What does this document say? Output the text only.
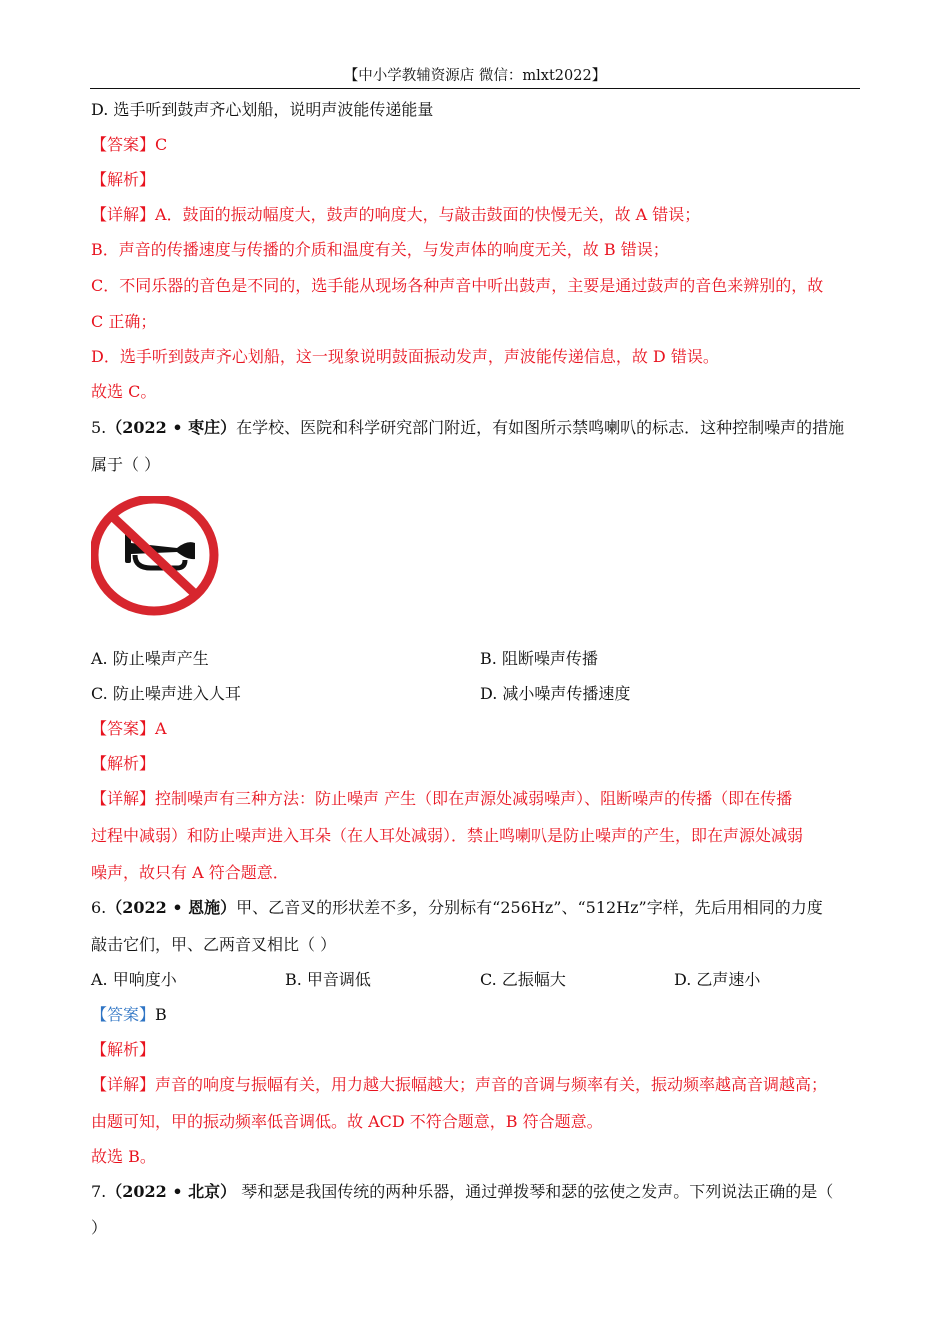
【中小学教辅资源店 微信：mlxt2022】
D. 选手听到鼓声齐心划船，说明声波能传递能量
【答案】C
【解析】
【详解】A．鼓面的振动幅度大，鼓声的响度大，与敲击鼓面的快慢无关，故 A 错误；
B．声音的传播速度与传播的介质和温度有关，与发声体的响度无关，故 B 错误；
C．不同乐器的音色是不同的，选手能从现场各种声音中听出鼓声，主要是通过鼓声的音色来辨别的，故
C 正确；
D．选手听到鼓声齐心划船，这一现象说明鼓面振动发声，声波能传递信息，故 D 错误。
故选 C。
5.（2022 • 枣庄）在学校、医院和科学研究部门附近，有如图所示禁鸣喇叭的标志．这种控制噪声的措施
属于（ ）
A. 防止噪声产生	B. 阻断噪声传播
C. 防止噪声进入人耳	D. 减小噪声传播速度
【答案】A
【解析】
【详解】控制噪声有三种方法：防止噪声 产生（即在声源处减弱噪声）、阻断噪声的传播（即在传播
过程中减弱）和防止噪声进入耳朵（在人耳处减弱）．禁止鸣喇叭是防止噪声的产生，即在声源处减弱
噪声，故只有 A 符合题意．
6.（2022 • 恩施）甲、乙音叉的形状差不多，分别标有“256Hz”、“512Hz”字样，先后用相同的力度
敲击它们，甲、乙两音叉相比（ ）
A. 甲响度小	B. 甲音调低	C. 乙振幅大	D. 乙声速小
【答案】B
【解析】
【详解】声音的响度与振幅有关，用力越大振幅越大；声音的音调与频率有关，振动频率越高音调越高；
由题可知，甲的振动频率低音调低。故 ACD 不符合题意，B 符合题意。
故选 B。
7.（2022 • 北京） 琴和瑟是我国传统的两种乐器，通过弹拨琴和瑟的弦使之发声。下列说法正确的是（
）
